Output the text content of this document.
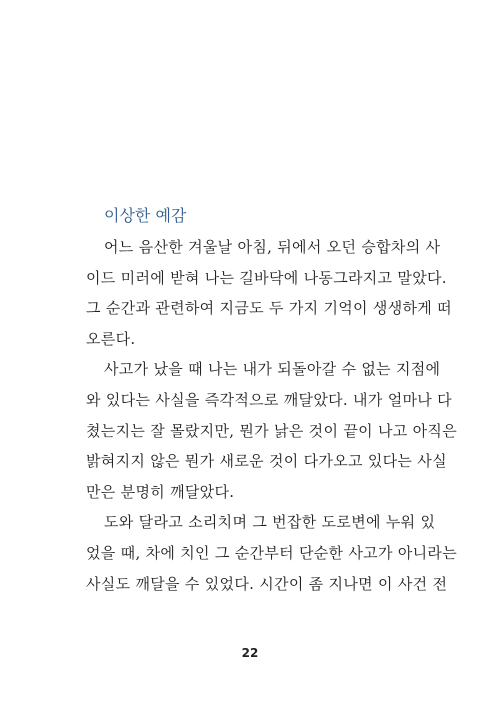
이상한 예감

어느 음산한 겨울날 아침, 뒤에서 오던 승합차의 사

이드 미러에 받혀 나는 길바닥에 나동그라지고 말았다.

그 순간과 관련하여 지금도 두 가지 기억이 생생하게 떠

오른다.

사고가 났을 때 나는 내가 되돌아갈 수 없는 지점에

와 있다는 사실을 즉각적으로 깨달았다. 내가 얼마나 다

쳤는지는 잘 몰랐지만, 뭔가 낡은 것이 끝이 나고 아직은

밝혀지지 않은 뭔가 새로운 것이 다가오고 있다는 사실

만은 분명히 깨달았다.

도와 달라고 소리치며 그 번잡한 도로변에 누워 있

었을 때, 차에 치인 그 순간부터 단순한 사고가 아니라는

사실도 깨달을 수 있었다. 시간이 좀 지나면 이 사건 전

22
